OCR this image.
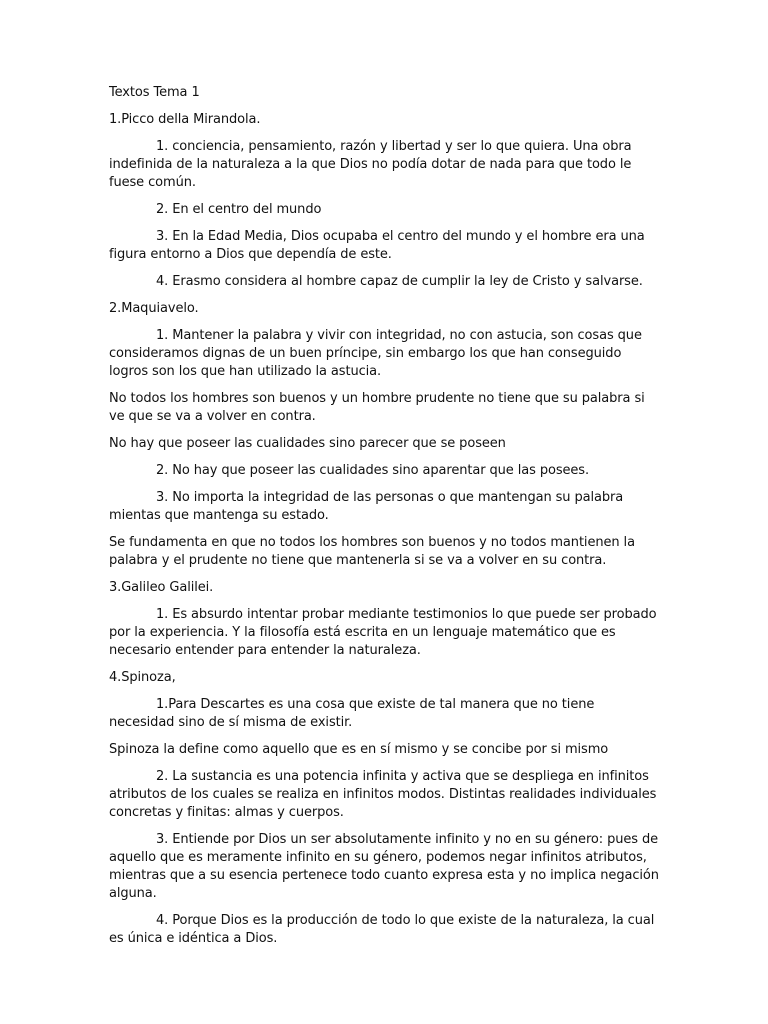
Textos Tema 1

1.Picco della Mirandola.

1. conciencia, pensamiento, razón y libertad y ser lo que quiera. Una obra indefinida de la naturaleza a la que Dios no podía dotar de nada para que todo le fuese común.

2. En el centro del mundo

3. En la Edad Media, Dios ocupaba el centro del mundo y el hombre era una figura entorno a Dios que dependía de este.

4. Erasmo considera al hombre capaz de cumplir la ley de Cristo y salvarse.

2.Maquiavelo.

1. Mantener la palabra y vivir con integridad, no con astucia, son cosas que consideramos dignas de un buen príncipe, sin embargo los que han conseguido logros son los que han utilizado la astucia.

No todos los hombres son buenos y un hombre prudente no tiene que su palabra si ve que se va a volver en contra.

No hay que poseer las cualidades sino parecer que se poseen

2. No hay que poseer las cualidades sino aparentar que las posees.

3. No importa la integridad de las personas o que mantengan su palabra mientas que mantenga su estado.

Se fundamenta en que no todos los hombres son buenos y no todos mantienen la palabra y el prudente no tiene que mantenerla si se va a volver en su contra.

3.Galileo Galilei.

1. Es absurdo intentar probar mediante testimonios lo que puede ser probado por la experiencia. Y la filosofía está escrita en un lenguaje matemático que es necesario entender para entender la naturaleza.

4.Spinoza,

1.Para Descartes es una cosa que existe de tal manera que no tiene necesidad sino de sí misma de existir.

Spinoza la define como aquello que es en sí mismo y se concibe por si mismo

2. La sustancia es una potencia infinita y activa que se despliega en infinitos atributos de los cuales se realiza en infinitos modos. Distintas realidades individuales concretas y finitas: almas y cuerpos.

3. Entiende por Dios un ser absolutamente infinito y no en su género: pues de aquello que es meramente infinito en su género, podemos negar infinitos atributos, mientras que a su esencia pertenece todo cuanto expresa esta y no implica negación alguna.

4. Porque Dios es la producción de todo lo que existe de la naturaleza, la cual es única e idéntica a Dios.
